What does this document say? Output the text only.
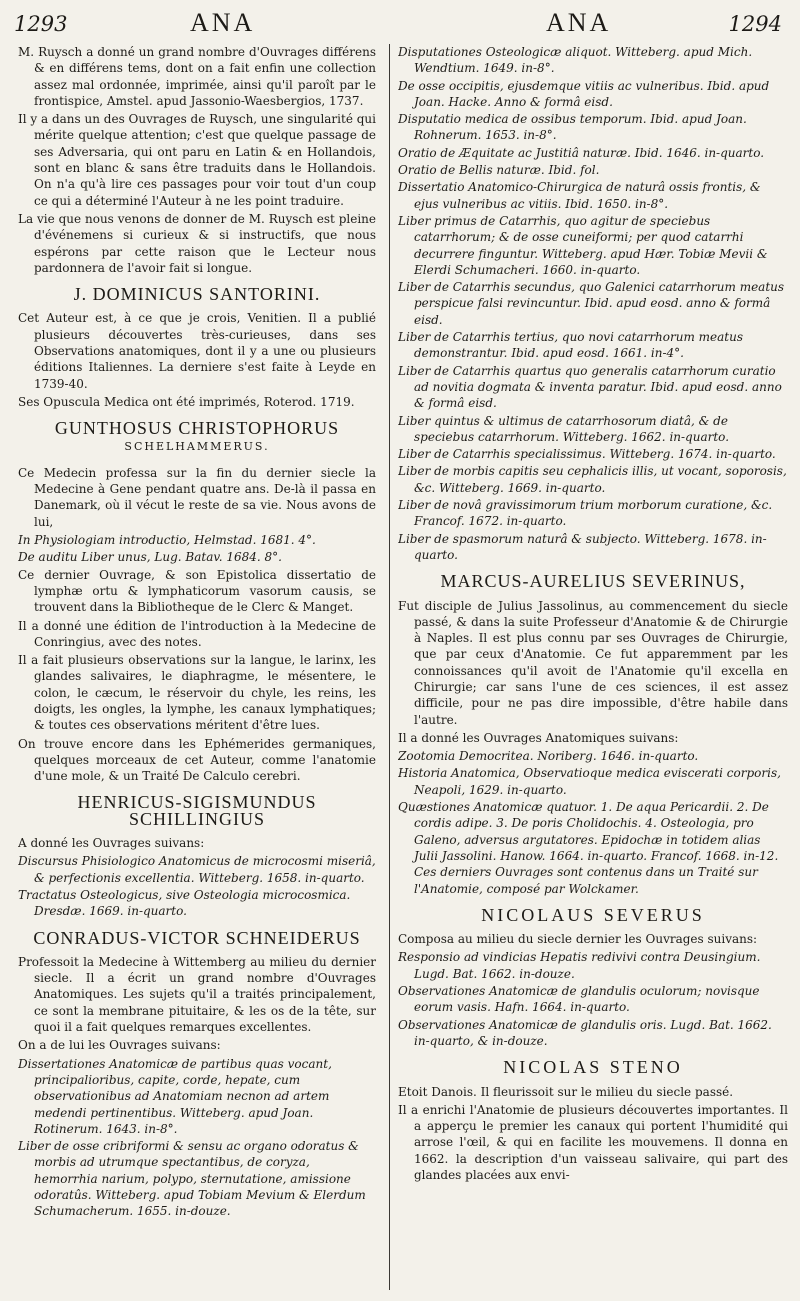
1293	ANA	ANA	1294

M. Ruysch a donné un grand nombre d'Ouvrages différens & en différens tems, dont on a fait enfin une collection assez mal ordonnée, imprimée, ainsi qu'il paroît par le frontispice, Amstel. apud Jassonio-Waesbergios, 1737.

Il y a dans un des Ouvrages de Ruysch, une singularité qui mérite quelque attention; c'est que quelque passage de ses Adversaria, qui ont paru en Latin & en Hollandois, sont en blanc & sans être traduits dans le Hollandois. On n'a qu'à lire ces passages pour voir tout d'un coup ce qui a déterminé l'Auteur à ne les point traduire.

La vie que nous venons de donner de M. Ruysch est pleine d'événemens si curieux & si instructifs, que nous espérons par cette raison que le Lecteur nous pardonnera de l'avoir fait si longue.

J. DOMINICUS SANTORINI.

Cet Auteur est, à ce que je crois, Venitien. Il a publié plusieurs découvertes très-curieuses, dans ses Observations anatomiques, dont il y a une ou plusieurs éditions Italiennes. La derniere s'est faite à Leyde en 1739-40.

Ses Opuscula Medica ont été imprimés, Roterod. 1719.

GUNTHOSUS CHRISTOPHORUS
SCHELHAMMERUS.

Ce Medecin professa sur la fin du dernier siecle la Medecine à Gene pendant quatre ans. De-là il passa en Danemark, où il vécut le reste de sa vie. Nous avons de lui,

In Physiologiam introductio, Helmstad. 1681. 4°.

De auditu Liber unus, Lug. Batav. 1684. 8°.

Ce dernier Ouvrage, & son Epistolica dissertatio de lymphæ ortu & lymphaticorum vasorum causis, se trouvent dans la Bibliotheque de le Clerc & Manget.

Il a donné une édition de l'introduction à la Medecine de Conringius, avec des notes.

Il a fait plusieurs observations sur la langue, le larinx, les glandes salivaires, le diaphragme, le mésentere, le colon, le cæcum, le réservoir du chyle, les reins, les doigts, les ongles, la lymphe, les canaux lymphatiques; & toutes ces observations méritent d'être lues.

On trouve encore dans les Ephémerides germaniques, quelques morceaux de cet Auteur, comme l'anatomie d'une mole, & un Traité De Calculo cerebri.

HENRICUS-SIGISMUNDUS SCHILLINGIUS

A donné les Ouvrages suivans:

Discursus Phisiologico Anatomicus de microcosmi miseriâ, & perfectionis excellentia. Witteberg. 1658. in-quarto.

Tractatus Osteologicus, sive Osteologia microcosmica. Dresdæ. 1669. in-quarto.

CONRADUS-VICTOR SCHNEIDERUS

Professoit la Medecine à Wittemberg au milieu du dernier siecle. Il a écrit un grand nombre d'Ouvrages Anatomiques. Les sujets qu'il a traités principalement, ce sont la membrane pituitaire, & les os de la tête, sur quoi il a fait quelques remarques excellentes.

On a de lui les Ouvrages suivans:

Dissertationes Anatomicæ de partibus quas vocant, principalioribus, capite, corde, hepate, cum observationibus ad Anatomiam necnon ad artem medendi pertinentibus. Witteberg. apud Joan. Rotinerum. 1643. in-8°.

Liber de osse cribriformi & sensu ac organo odoratus & morbis ad utrumque spectantibus, de coryza, hemorrhia narium, polypo, sternutatione, amissione odoratûs. Witteberg. apud Tobiam Mevium & Elerdum Schumacherum. 1655. in-douze.

Disputationes Osteologicæ aliquot. Witteberg. apud Mich. Wendtium. 1649. in-8°.

De osse occipitis, ejusdemque vitiis ac vulneribus. Ibid. apud Joan. Hacke. Anno & formâ eisd.

Disputatio medica de ossibus temporum. Ibid. apud Joan. Rohnerum. 1653. in-8°.

Oratio de Æquitate ac Justitiâ naturæ. Ibid. 1646. in-quarto.

Oratio de Bellis naturæ. Ibid. fol.

Dissertatio Anatomico-Chirurgica de naturâ ossis frontis, & ejus vulneribus ac vitiis. Ibid. 1650. in-8°.

Liber primus de Catarrhis, quo agitur de speciebus catarrhorum; & de osse cuneiformi; per quod catarrhi decurrere finguntur. Witteberg. apud Hær. Tobiæ Mevii & Elerdi Schumacheri. 1660. in-quarto.

Liber de Catarrhis secundus, quo Galenici catarrhorum meatus perspicue falsi revincuntur. Ibid. apud eosd. anno & formâ eisd.

Liber de Catarrhis tertius, quo novi catarrhorum meatus demonstrantur. Ibid. apud eosd. 1661. in-4°.

Liber de Catarrhis quartus quo generalis catarrhorum curatio ad novitia dogmata & inventa paratur. Ibid. apud eosd. anno & formâ eisd.

Liber quintus & ultimus de catarrhosorum diatâ, & de speciebus catarrhorum. Witteberg. 1662. in-quarto.

Liber de Catarrhis specialissimus. Witteberg. 1674. in-quarto.

Liber de morbis capitis seu cephalicis illis, ut vocant, soporosis, &c. Witteberg. 1669. in-quarto.

Liber de novâ gravissimorum trium morborum curatione, &c. Francof. 1672. in-quarto.

Liber de spasmorum naturâ & subjecto. Witteberg. 1678. in-quarto.

MARCUS-AURELIUS SEVERINUS,

Fut disciple de Julius Jassolinus, au commencement du siecle passé, & dans la suite Professeur d'Anatomie & de Chirurgie à Naples. Il est plus connu par ses Ouvrages de Chirurgie, que par ceux d'Anatomie. Ce fut apparemment par les connoissances qu'il avoit de l'Anatomie qu'il excella en Chirurgie; car sans l'une de ces sciences, il est assez difficile, pour ne pas dire impossible, d'être habile dans l'autre.

Il a donné les Ouvrages Anatomiques suivans:

Zootomia Democritea. Noriberg. 1646. in-quarto.

Historia Anatomica, Observatioque medica eviscerati corporis, Neapoli, 1629. in-quarto.

Quæstiones Anatomicæ quatuor. 1. De aqua Pericardii. 2. De cordis adipe. 3. De poris Cholidochis. 4. Osteologia, pro Galeno, adversus argutatores. Epidochæ in totidem alias Julii Jassolini. Hanow. 1664. in-quarto. Francof. 1668. in-12. Ces derniers Ouvrages sont contenus dans un Traité sur l'Anatomie, composé par Wolckamer.

NICOLAUS SEVERUS

Composa au milieu du siecle dernier les Ouvrages suivans:

Responsio ad vindicias Hepatis redivivi contra Deusingium. Lugd. Bat. 1662. in-douze.

Observationes Anatomicæ de glandulis oculorum; novisque eorum vasis. Hafn. 1664. in-quarto.

Observationes Anatomicæ de glandulis oris. Lugd. Bat. 1662. in-quarto, & in-douze.

NICOLAS STENO

Etoit Danois. Il fleurissoit sur le milieu du siecle passé.

Il a enrichi l'Anatomie de plusieurs découvertes importantes. Il a apperçu le premier les canaux qui portent l'humidité qui arrose l'œil, & qui en facilite les mouvemens. Il donna en 1662. la description d'un vaisseau salivaire, qui part des glandes placées aux envi-
